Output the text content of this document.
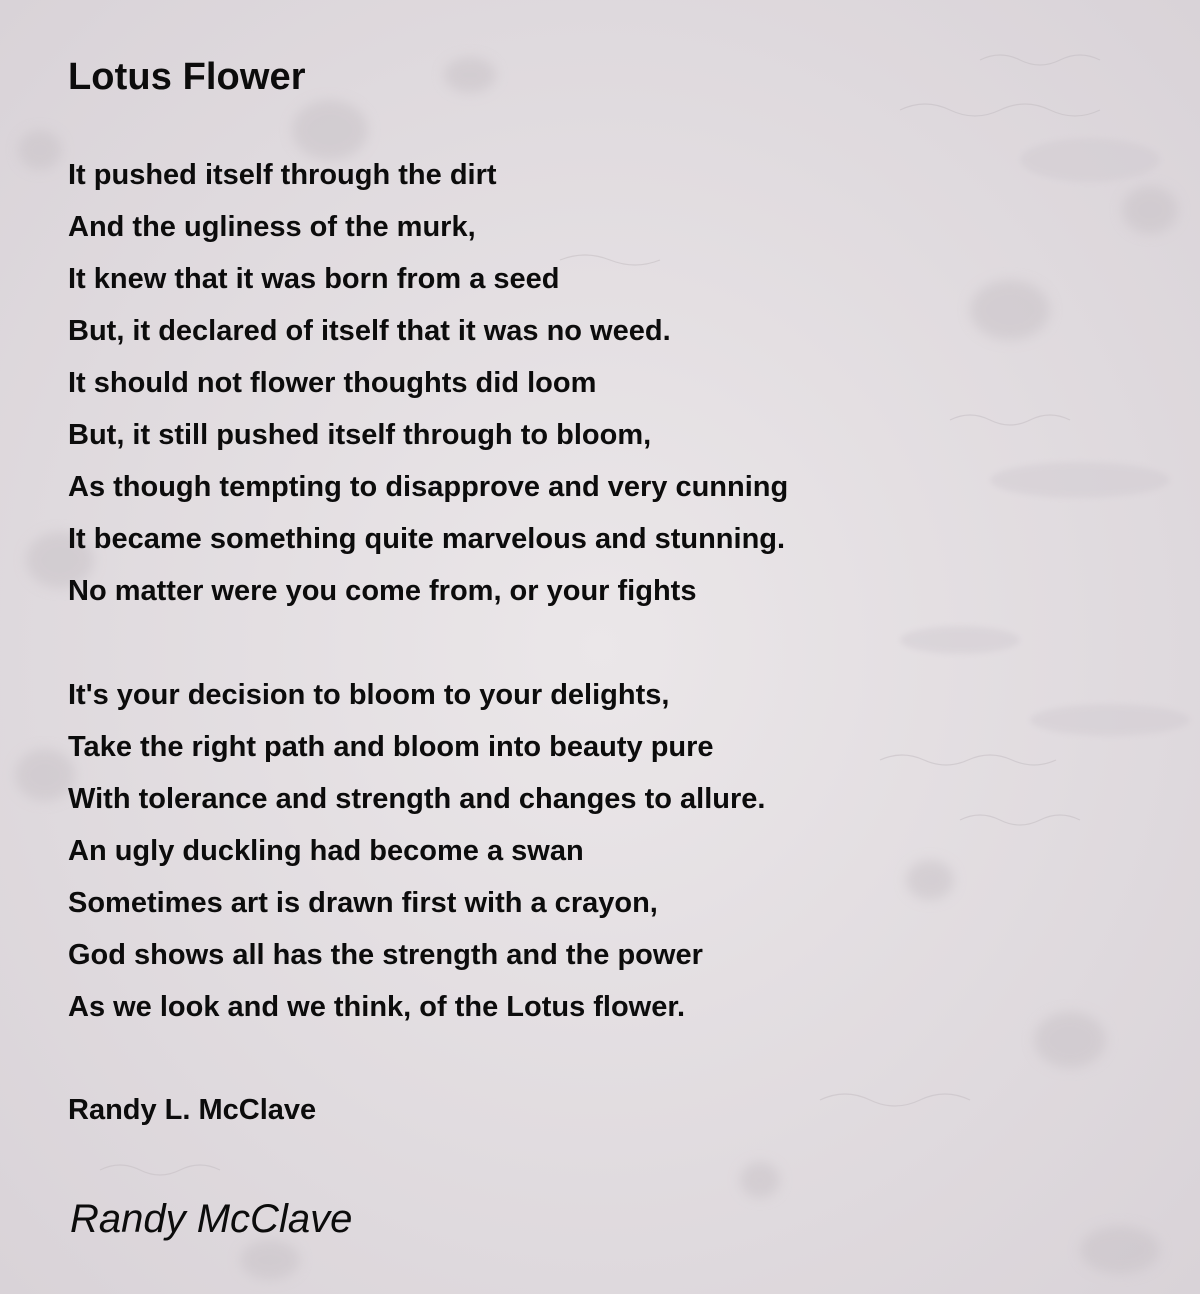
Lotus Flower

It pushed itself through the dirt

And the ugliness of the murk,

It knew that it was born from a seed

But, it declared of itself that it was no weed.

It should not flower thoughts did loom

But, it still pushed itself through to bloom,

As though tempting to disapprove and very cunning

It became something quite marvelous and stunning.

No matter were you come from, or your fights

It's your decision to bloom to your delights,

Take the right path and bloom into beauty pure

With tolerance and strength and changes to allure.

An ugly duckling had become a swan

Sometimes art is drawn first with a crayon,

God shows all has the strength and the power

As we look and we think, of the Lotus flower.

Randy L. McClave

Randy McClave
